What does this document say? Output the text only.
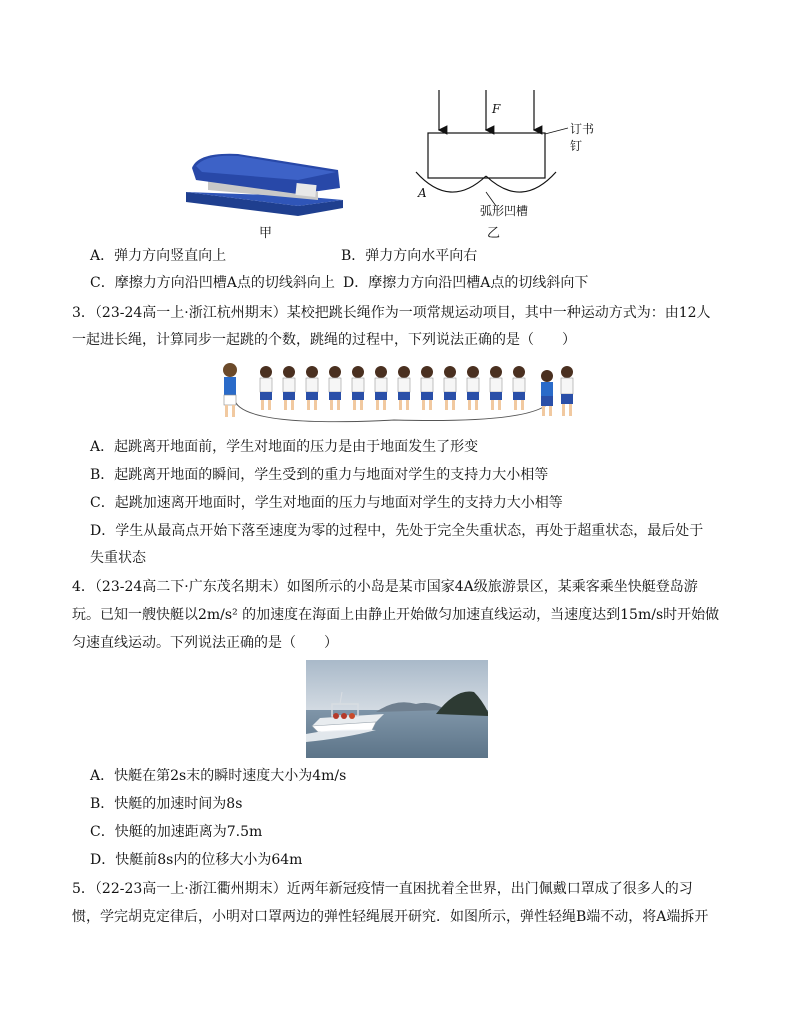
甲
F
A
订书钉
弧形凹槽
乙
A．弹力方向竖直向上	B．弹力方向水平向右
C．摩擦力方向沿凹槽A点的切线斜向上 D．摩擦力方向沿凹槽A点的切线斜向下
3．（23-24高一上·浙江杭州期末）某校把跳长绳作为一项常规运动项目，其中一种运动方式为：由12人
一起进长绳，计算同步一起跳的个数，跳绳的过程中，下列说法正确的是（　　）
A．起跳离开地面前，学生对地面的压力是由于地面发生了形变
B．起跳离开地面的瞬间，学生受到的重力与地面对学生的支持力大小相等
C．起跳加速离开地面时，学生对地面的压力与地面对学生的支持力大小相等
D．学生从最高点开始下落至速度为零的过程中，先处于完全失重状态，再处于超重状态，最后处于
失重状态
4．（23-24高二下·广东茂名期末）如图所示的小岛是某市国家4A级旅游景区，某乘客乘坐快艇登岛游
玩。已知一艘快艇以2m/s² 的加速度在海面上由静止开始做匀加速直线运动，当速度达到15m/s时开始做
匀速直线运动。下列说法正确的是（　　）
A．快艇在第2s末的瞬时速度大小为4m/s
B．快艇的加速时间为8s
C．快艇的加速距离为7.5m
D．快艇前8s内的位移大小为64m
5．（22-23高一上·浙江衢州期末）近两年新冠疫情一直困扰着全世界，出门佩戴口罩成了很多人的习
惯，学完胡克定律后，小明对口罩两边的弹性轻绳展开研究．如图所示，弹性轻绳B端不动，将A端拆开
